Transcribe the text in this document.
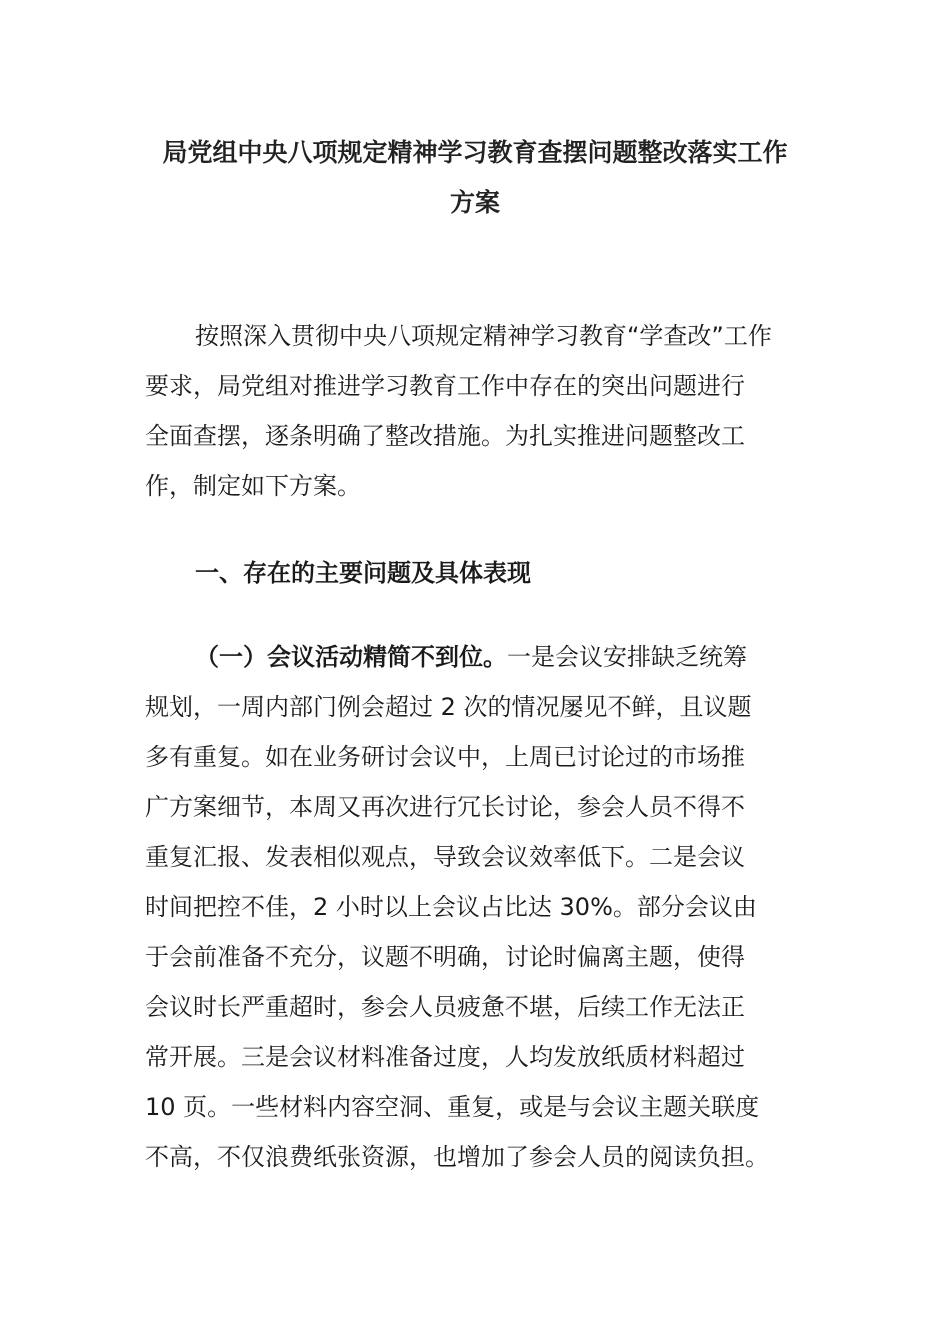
局党组中央八项规定精神学习教育查摆问题整改落实工作
方案
按照深入贯彻中央八项规定精神学习教育“学查改”工作
要求，局党组对推进学习教育工作中存在的突出问题进行
全面查摆，逐条明确了整改措施。为扎实推进问题整改工
作，制定如下方案。
一、存在的主要问题及具体表现
（一）会议活动精简不到位。一是会议安排缺乏统筹
规划，一周内部门例会超过 2 次的情况屡见不鲜，且议题
多有重复。如在业务研讨会议中，上周已讨论过的市场推
广方案细节，本周又再次进行冗长讨论，参会人员不得不
重复汇报、发表相似观点，导致会议效率低下。二是会议
时间把控不佳，2 小时以上会议占比达 30%。部分会议由
于会前准备不充分，议题不明确，讨论时偏离主题，使得
会议时长严重超时，参会人员疲惫不堪，后续工作无法正
常开展。三是会议材料准备过度，人均发放纸质材料超过
10 页。一些材料内容空洞、重复，或是与会议主题关联度
不高，不仅浪费纸张资源，也增加了参会人员的阅读负担。
